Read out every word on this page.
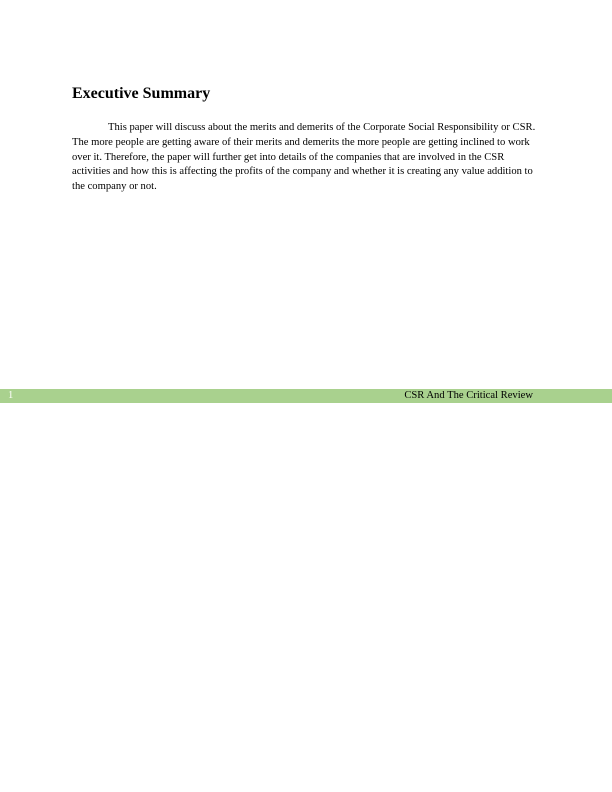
Executive Summary

This paper will discuss about the merits and demerits of the Corporate Social Responsibility or CSR. The more people are getting aware of their merits and demerits the more people are getting inclined to work over it. Therefore, the paper will further get into details of the companies that are involved in the CSR activities and how this is affecting the profits of the company and whether it is creating any value addition to the company or not.

1	CSR And The Critical Review
